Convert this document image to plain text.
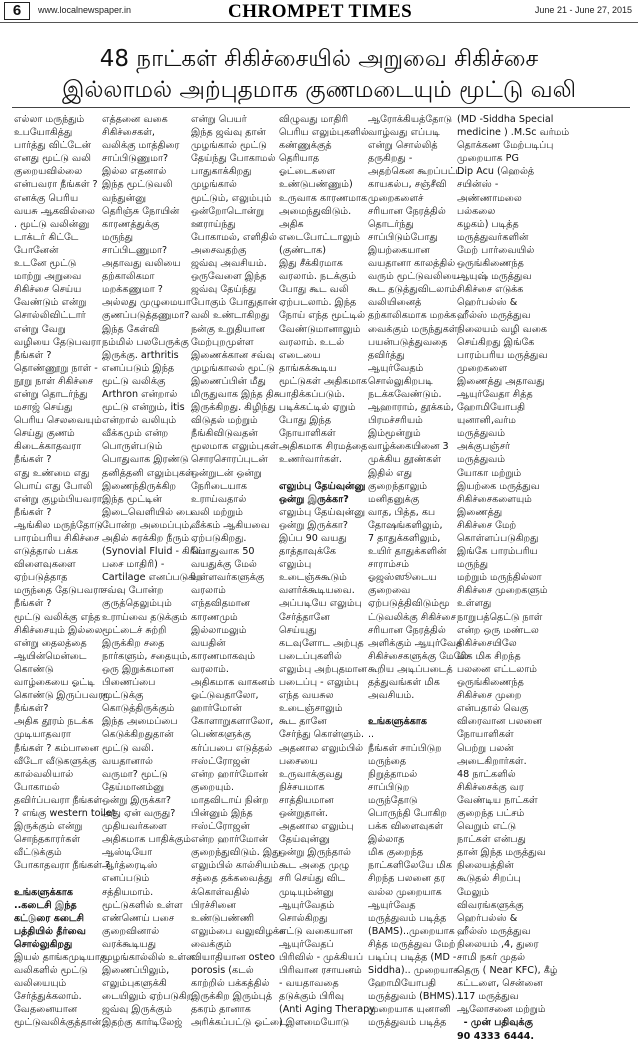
6	www.localnewspaper.in	CHROMPET TIMES	June 21 - June 27, 2015
48 நாட்கள் சிகிச்சையில் அறுவை சிகிச்சை
இல்லாமல் அற்புதமாக குணமடையும் மூட்டு வலி
எல்லா மருந்தும்
உபயோகித்து
பார்த்து விட்டேன்
எனது மூட்டு வலி
குறையவில்லை
என்பவரா நீங்கள் ?
எனக்கு பெரிய
வயசு ஆகவில்லை
. மூட்டு வலின்னு
டாக்டர் கிட்டே
போனேன்
உடனே மூட்டு
மாற்று அறுவை
சிகிச்சை செய்ய
வேண்டும் என்று
சொல்லிவிட்டார்
என்று வேறு
வழியை தேடுபவரா
நீங்கள் ?
தொண்ணூறு நாள் -
நூறு நாள் சிகிச்சை
என்று தொடர்ந்து
மசாஜ் செய்து
பெரிய செலவையும்
செய்து குணம்
கிடைக்காதவரா
நீங்கள் ?
எது உண்மை எது
பொய் எது போலி
என்று குழம்பியவரா
நீங்கள் ?
ஆங்கில மருந்தோடு
பாரம்பரிய சிகிச்சை
எடுத்தால் பக்க
விளைவுகளை
ஏற்படுத்தாத
மருந்தை தேடுபவரா
நீங்கள் ?
மூட்டு வலிக்கு எந்த
சிகிச்சையும் இல்லை
என்று தைலத்தை
ஆயின்மென்டை
கொண்டு
வாழ்கையை ஓட்டி
கொண்டு இருப்பவரா
நீங்கள்?
அதிக தூரம் நடக்க
முடியாதவரா
நீங்கள் ? கம்பானை
வீடோ வீடுகளுக்கு
கால்வலியால்
போகாமல்
தவிர்ப்பவரா நீங்கள்
? எங்கு western toilet
இருக்கும் என்று
சொந்தகாரர்கள்
வீட்டுக்கும்
போகாதவரா நீங்கள் ?

உங்களுக்காக
..கடைசி இந்த
கட்டுரை கடைசி
பத்தியில் தீர்வை
சொல்லுகிறது
இயல் தாங்கமுடியாத
வலிகளில் மூட்டு
வலியையும்
சேர்த்துக்கலாம்.
வேதனையான
மூட்டுவலிக்குத்தான்
எத்தனை வகை
சிகிச்சைகள்,
வலிக்கு மாத்திரை
சாப்பிடுணுமா?
இல்ல எதனால்
இந்த மூட்டுவலி
வந்துன்னு
தெரிஞ்சு நோயின்
காரணத்துக்கு
மருந்து
சாப்பிடணுமா?
அதாவது வலியை
தற்காலிகமா
மறக்கணுமா ?
அல்லது முழுமையா
குணப்படுத்தணுமா?
இந்த கேள்வி
நம்மில் பலபேருக்கு
இருக்கு. arthritis
எனப்படும் இந்த
மூட்டு வலிக்கு
Arthron என்றால்
மூட்டு என்றும், itis
என்றால் வலியும்
வீக்கமும் என்ற
பொருள்படும்
பொதுவாக இரண்டு
தனித்தனி எலும்புகள்
இணைந்திருக்கிற
இந்த மூட்டின்
இடைவெளியில் பை
போன்ற அமைப்பும்,
அதில் சுரக்கிற நீரும்
(Synovial Fluid - கிரீஸ்
பசை மாதிரி) -
Cartilage எனப்படுகிற
சவ்வு போன்ற
குருத்தெலும்பும்
உராய்வை தடுக்கும்
மூட்டைச் சுற்றி
இருக்கிற சதை
நார்களும், சதையும்,
ஒரு இறுக்கமான
பிணைப்பை
மூட்டுக்கு
கொடுத்திருக்கும்
இந்த அமைப்பை
கெடுக்கிறதுதான்
மூட்டு வலி.
வயதானால்
வருமா? மூட்டு
தேய்மானம்னு
ஒன்று இருக்கா?
அது ஏன் வருது?
முதியவர்களை
அதிகமாக பாதிக்கும்
ஆஸ்டியோ
ஆர்த்ரைடிஸ்
எனப்படும்
சத்தியமாம்.
மூட்டுகளில் உள்ள
எண்ணெய் பசை
குறைவினால்
வரக்கூடியது
முழங்கால்லில் உள்ள
இணைப்பிலும்,
எலும்புகளுக்கி
டையிலும் ஏற்படுகிற
ஜவ்வு இருக்கும்
இதற்கு கார்டிலேஜ்
என்று பெயர்
இந்த ஜவ்வு தான்
முழங்கால் மூட்டு
தேய்ந்து போகாமல்
பாதுகாக்கிறது
முழங்கால்
மூட்டும், எலும்பும்
ஒன்றோடொன்று
ஊராய்ந்து
போகாமல், எளிதில்
அசைவதற்கு
ஜவ்வு அவசியம்.
ஒருவேளை இந்த
ஜவ்வு தேய்ந்து
போகும் போதுதான்
வலி உண்டாகிறது
நன்கு உறுதியான
மேற்புறமுள்ள
இணைக்கான சவ்வு
முழங்காலல் மூட்டு
இணைப்பின் மீது
மிருதுவாக இந்த திசு
இருக்கிறது. கிழிந்து
விடுதல் மற்றும்
நீங்கிவிடுவதன்
மூலமாக எலும்புகள்
சொரசொரப்புடன்
ஒன்றுடன் ஒன்று
நேரிடையாக
உராய்வதால்
வலி மற்றும்
வீக்கம் ஆகியவை
ஏற்படுகிறது.
பொதுவாக 50
வயதுக்கு மேல்
உள்ளவர்களுக்கு
வரலாம்
எந்தவிதமான
காரணமும்
இல்லாமலும்
வயதின்
காரணமாகவும்
வரலாம்.
அதிகமாக வாகனம்
ஓட்டுவதாலோ,
ஹார்மோன்
கோளாறுகளாலோ,
பெண்களுக்கு
கர்ப்பபை எடுத்தல்
ஈஸ்ட்ரோஜன்
என்ற ஹார்மோன்
குறையும்.
மாதவிடாய் நின்ற
பின்னும் இந்த
ஈஸ்ட்ரோஜன்
என்ற ஹார்மோன்
குறைந்துவிடும். இது
எலும்பில் கால்சியம்
சத்தை தக்கவைத்து
க்கொள்வதில்
பிரச்சினை
உண்டுபண்ணி
எலும்பை வலுவிழக்க
வைக்கும்
வியாதியான osteo
porosis (கடல்
காற்றில் பக்கத்தில்
இருக்கிற இரும்புத்
தகரம் தானாக
அரிக்கப்பட்டு ஓட்டை
விழுவது மாதிரி
பெரிய எலும்புகளில்
கண்ணுக்குத்
தெரியாத
ஓட்டைகளை
உண்டுபண்ணும்)
உருவாக காரணமாக
அமைந்துவிடும்.
அதிக
எடைபோட்டாலும்
(குண்டாக)
இது சீக்கிரமாக
வரலாம். நடக்கும்
போது கூட வலி
ஏற்படலாம். இந்த
நோய் எந்த மூட்டில்
வேண்டுமானாலும்
வரலாம். உடல்
எடையை
தாங்கக்கூடிய
மூட்டுகள் அதிகமாக
பாதிக்கப்படும்.
படிக்கட்டில் ஏறும்
போது இந்த
நோயாளிகள்
அதிகமாக சிரமத்தை
உணர்வார்கள்.

எலும்பு தேய்வுன்னு
ஒன்று இருக்கா?
எலும்பு தேய்வுன்னு
ஒன்று இருக்கா?
இப்ப 90 வயது
தாத்தாவுக்கே
எலும்பு
உடைஞ்சுகூடும்
வளர்க்கூடியவை.
அப்படியே எலும்பு
சேர்த்தானே
செய்யுது
கடவுளோட அற்புத
படைப்புகளில்
எலும்பு அற்புதமான
படைப்பு - எலும்பு
எந்த வயசுல
உடைஞ்சாலும்
கூட தானே
சேர்ந்து கொள்ளும்.
அதனால எலும்பில்
பசையை
உருவாக்குவது
நிச்சயமாக
சாத்தியமான
ஒன்றுதான்.
அதனால எலும்பு
தேய்வுன்னு
ஒன்று இருந்தால்
கூட அதை முழு
சரி செய்து விட
முடியும்ன்னு
ஆயுர்வேதம்
சொல்கிறது
எட்டு வகையான
ஆயுர்வேதப்
பிரிவில் - முக்கியப்
பிரிவான ரசாயனம்
- வயதாவதை
தடுக்கும் பிரிவு
(Anti Aging Therapy
) இளமையோடு
ஆரோக்கியத்தோடு
வாழ்வது எப்படி
என்று சொல்லித்
தருகிறது -
அதற்கென கூறப்பட்ட
காயகல்ப, சஞ்சீவி
முறைகளைச்
சரியான நேரத்தில்
தொடர்ந்து
சாப்பிடும்போது
இயற்கையான
வயதானா காலத்தில்
வரும் மூட்டுவலியை
கூட தடுத்துவிடலாம்.
வலியினைத்
தற்காலிகமாக மறக்க
வைக்கும் மருந்துகள்
பயன்படுத்துவதை
தவிர்த்து
ஆயுர்வேதம்
சொல்லுகிறபடி
நடக்கவேண்டும்.
ஆஹாராம், தூக்கம்,
பிரமச்சரியம்
இம்மூன்றும்
வாழ்க்கையினை 3
முக்கிய தூண்கள்
இதில் எது
குறைந்தாலும்
மனிதனுக்கு
வாத, பித்த, கப
தோஷங்களிலும்,
7 தாதுக்களிலும்,
உயிர் தாதுக்களின்
சாராம்சம்
ஓஜஸ்ஸூடைய
குறைவை
ஏற்படுத்திவிடும்மூ
ட்டுவலிக்கு சிகிச்சை
சரியான நேரத்தில்
அளிக்கும் ஆயுர்வேத
சிகிச்சைகளுக்கு மேலே
கூறிய அடிப்படைத்
தத்துவங்கள் மிக
அவசியம்.

உங்களுக்காக
..
நீங்கள் சாப்பிடுற
மருந்தை
நிறுத்தாமல்
சாப்பிடுற
மருந்தோடு
பொருந்தி போகிற
பக்க விளைவுகள்
இல்லாத
மிக குறைந்த
நாட்களிலேயே மிக
சிறந்த பலனை தர
வல்ல முறையாக
ஆயுர்வேத
மருத்துவம் படித்த
(BAMS)..முறையாக
சித்த மருத்துவ மேற்
படிப்பு படித்த (MD -
Siddha).. முறையாக
ஹோமியோபதி
மருத்துவம் (BHMS)...
முறையாக யுனானி
மருத்துவம் படித்த
(MD -Siddha Special
medicine ) .M.Sc வர்மம்
தொக்கண மேற்படிப்பு
முறையாக PG
Dip Acu (ஹெல்த்
சயின்ஸ் -
அண்ணாமலை
பல்கலை
கழகம்) படித்த
மருத்துவர்களின்
மேற் பார்வையில்
ஒருங்கிணைந்த
ஆயுஷ் மருத்துவ
சிகிச்சை எடுக்க
ஹெர்பல்ஸ் &
ஹீல்ஸ் மருத்துவ
நிலையம் வழி வகை
செய்கிறது இங்கே
பாரம்பரிய மருத்துவ
முறைகளை
இணைத்து அதாவது
ஆயுர்வேதா சித்த
ஹோமியோபதி
யுனானி,வர்ம
மருத்துவம்
அக்குபஞ்சர்
மருத்துவம்
யோகா மற்றும்
இயற்கை மருத்துவ
சிகிச்சைகளையும்
இணைத்து
சிகிச்சை மேற்
கொள்ளப்படுகிறது
இங்கே பாரம்பரிய
மருந்து
மற்றும் மருந்தில்லா
சிகிச்சை முறைகளும்
உள்ளது
நாறுபத்தெட்டு நாள்
என்ற ஒரு மண்டல
சிகிச்சையிலே
மிக மிக சிறந்த
பலனை எட்டலாம்
ஒருங்கிணைந்த
சிகிச்சை முறை
என்பதால் வெகு
விரைவான பலனை
நோயாளிகள்
பெற்று பலன்
அடைகிறார்கள்.
48 நாட்களில்
சிகிச்சைக்கு வர
வேண்டிய நாட்கள்
குறைந்த பட்சம்
வெறும் எட்டு
நாட்கள் என்பது
தான் இந்த மருத்துவ
நிலையத்தின்
கூடுதல் சிறப்பு
மேலும்
விவரங்களுக்கு
ஹெர்பல்ஸ் &
ஹீல்ஸ் மருத்துவ
நிலையம் ,4, துரை
சாமி நகர் முதல்
தெரு ( Near KFC), கீழ்
கட்டளை, சென்னை
117 மருத்துவ
ஆலோசனை மற்றும்
- முன் பதிவுக்கு
90 4333 6444.
